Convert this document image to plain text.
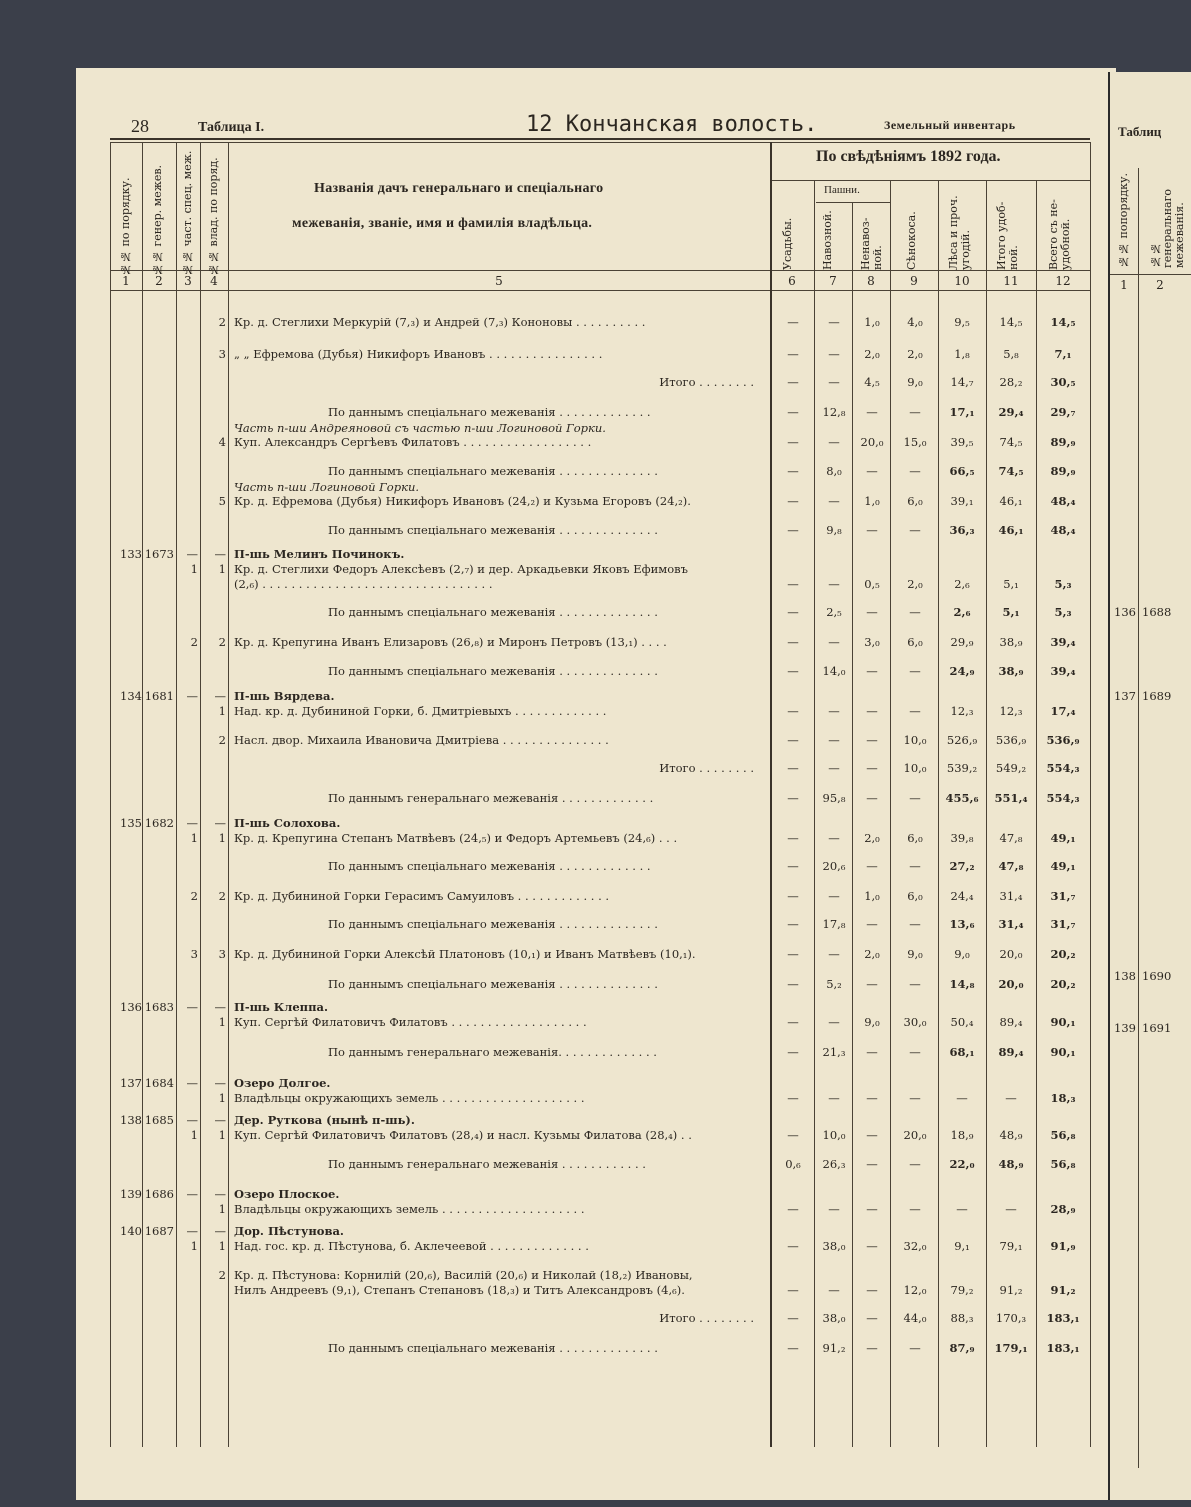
28	Таблица I.	12 Кончанская волость.	Земельный инвентарь
№№ по порядку. №№ генер. межев. №№ част. спец. меж. №№ влад. по поряд.	Названія дачъ генеральнаго и спеціальнаго
межеванія, званіе, имя и фамилія владѣльца.
По свѣдѣніямъ 1892 года.
Пашни.
Усадьбы. Навозной. Ненавоз-ной. Сѣнокоса.	Лѣса и проч. угодій. Итого удоб-ной. Всего съ не-удобной.
1	2	3	4	5	6	7	8	9	10	11	12
2 Кр. д. Стеглихи Меркурій (7,₃) и Андрей (7,₃) Кононовы . . . . . . . . . .	—	—	1,₀	4,₀	9,₅	14,₅	14,₅
3 „ „ Ефремова (Дубья) Никифоръ Ивановъ . . . . . . . . . . . . . . . .	—	—	2,₀	2,₀	1,₈	5,₈	7,₁
Итого . . . . . . . .	—	—	4,₅	9,₀	14,₇	28,₂	30,₅
По даннымъ спеціальнаго межеванія . . . . . . . . . . . . .	—	12,₈	—	—	17,₁	29,₄	29,₇
Часть п-ши Андреяновой съ частью п-ши Логиновой Горки.
4 Куп. Александръ Сергѣевъ Филатовъ . . . . . . . . . . . . . . . . . .	—	—	20,₀	15,₀	39,₅	74,₅	89,₉
По даннымъ спеціальнаго межеванія . . . . . . . . . . . . . .	—	8,₀	—	—	66,₅	74,₅	89,₉
Часть п-ши Логиновой Горки.
5 Кр. д. Ефремова (Дубья) Никифоръ Ивановъ (24,₂) и Кузьма Егоровъ (24,₂).	—	—	1,₀	6,₀	39,₁	46,₁	48,₄
По даннымъ спеціальнаго межеванія . . . . . . . . . . . . . .	—	9,₈	—	—	36,₃	46,₁	48,₄
133 1673	—	— П-шь Мелинъ Починокъ.
1	1 Кр. д. Стеглихи Федоръ Алексѣевъ (2,₇) и дер. Аркадьевки Яковъ Ефимовъ
(2,₆) . . . . . . . . . . . . . . . . . . . . . . . . . . . . . . . .	—	—	0,₅	2,₀	2,₆	5,₁	5,₃
По даннымъ спеціальнаго межеванія . . . . . . . . . . . . . .	—	2,₅	—	—	2,₆	5,₁	5,₃
2	2 Кр. д. Крепугина Иванъ Елизаровъ (26,₈) и Миронъ Петровъ (13,₁) . . . .	—	—	3,₀	6,₀	29,₉	38,₉	39,₄
По даннымъ спеціальнаго межеванія . . . . . . . . . . . . . .	—	14,₀	—	—	24,₉	38,₉	39,₄
134 1681	—	— П-шь Вярдева.
1 Над. кр. д. Дубининой Горки, б. Дмитріевыхъ . . . . . . . . . . . . .	—	—	—	—	12,₃	12,₃	17,₄
2 Насл. двор. Михаила Ивановича Дмитріева . . . . . . . . . . . . . . .	—	—	—	10,₀	526,₉	536,₉	536,₉
Итого . . . . . . . .	—	—	—	10,₀	539,₂	549,₂	554,₃
По даннымъ генеральнаго межеванія . . . . . . . . . . . . .	—	95,₈	—	—	455,₆	551,₄	554,₃
135 1682	—	— П-шь Солохова.
1	1 Кр. д. Крепугина Степанъ Матвѣевъ (24,₅) и Федоръ Артемьевъ (24,₆) . . .	—	—	2,₀	6,₀	39,₈	47,₈	49,₁
По даннымъ спеціальнаго межеванія . . . . . . . . . . . . .	—	20,₆	—	—	27,₂	47,₈	49,₁
2	2 Кр. д. Дубининой Горки Герасимъ Самуиловъ . . . . . . . . . . . . .	—	—	1,₀	6,₀	24,₄	31,₄	31,₇
По даннымъ спеціальнаго межеванія . . . . . . . . . . . . . .	—	17,₈	—	—	13,₆	31,₄	31,₇
3	3 Кр. д. Дубининой Горки Алексѣй Платоновъ (10,₁) и Иванъ Матвѣевъ (10,₁).	—	—	2,₀	9,₀	9,₀	20,₀	20,₂
По даннымъ спеціальнаго межеванія . . . . . . . . . . . . . .	—	5,₂	—	—	14,₈	20,₀	20,₂
136 1683	—	— П-шь Клеппа.
1 Куп. Сергѣй Филатовичъ Филатовъ . . . . . . . . . . . . . . . . . . .	—	—	9,₀	30,₀	50,₄	89,₄	90,₁
По даннымъ генеральнаго межеванія. . . . . . . . . . . . . .	—	21,₃	—	—	68,₁	89,₄	90,₁
137 1684	—	— Озеро Долгое.
1 Владѣльцы окружающихъ земель . . . . . . . . . . . . . . . . . . . .	—	—	—	—	—	—	18,₃
138 1685	—	— Дер. Руткова (нынѣ п-шь).
1	1 Куп. Сергѣй Филатовичъ Филатовъ (28,₄) и насл. Кузьмы Филатова (28,₄) . .	—	10,₀	—	20,₀	18,₉	48,₉	56,₈
По даннымъ генеральнаго межеванія . . . . . . . . . . . .	0,₆	26,₃	—	—	22,₀	48,₉	56,₈
139 1686	—	— Озеро Плоское.
1 Владѣльцы окружающихъ земель . . . . . . . . . . . . . . . . . . . .	—	—	—	—	—	—	28,₉
140 1687	—	— Дор. Пѣстунова.
1	1 Над. гос. кр. д. Пѣстунова, б. Аклечеевой . . . . . . . . . . . . . .	—	38,₀	—	32,₀	9,₁	79,₁	91,₉
2 Кр. д. Пѣстунова: Корнилій (20,₆), Василій (20,₆) и Николай (18,₂) Ивановы,
Нилъ Андреевъ (9,₁), Степанъ Степановъ (18,₃) и Титъ Александровъ (4,₆).	—	—	—	12,₀	79,₂	91,₂	91,₂
Итого . . . . . . . .	—	38,₀	—	44,₀	88,₃	170,₃	183,₁
По даннымъ спеціальнаго межеванія . . . . . . . . . . . . . .	—	91,₂	—	—	87,₉	179,₁	183,₁
Таблиц
№№ попорядку. №№ генеральнаго межеванія.
1	2
136 1688
137 1689
138 1690
139 1691
